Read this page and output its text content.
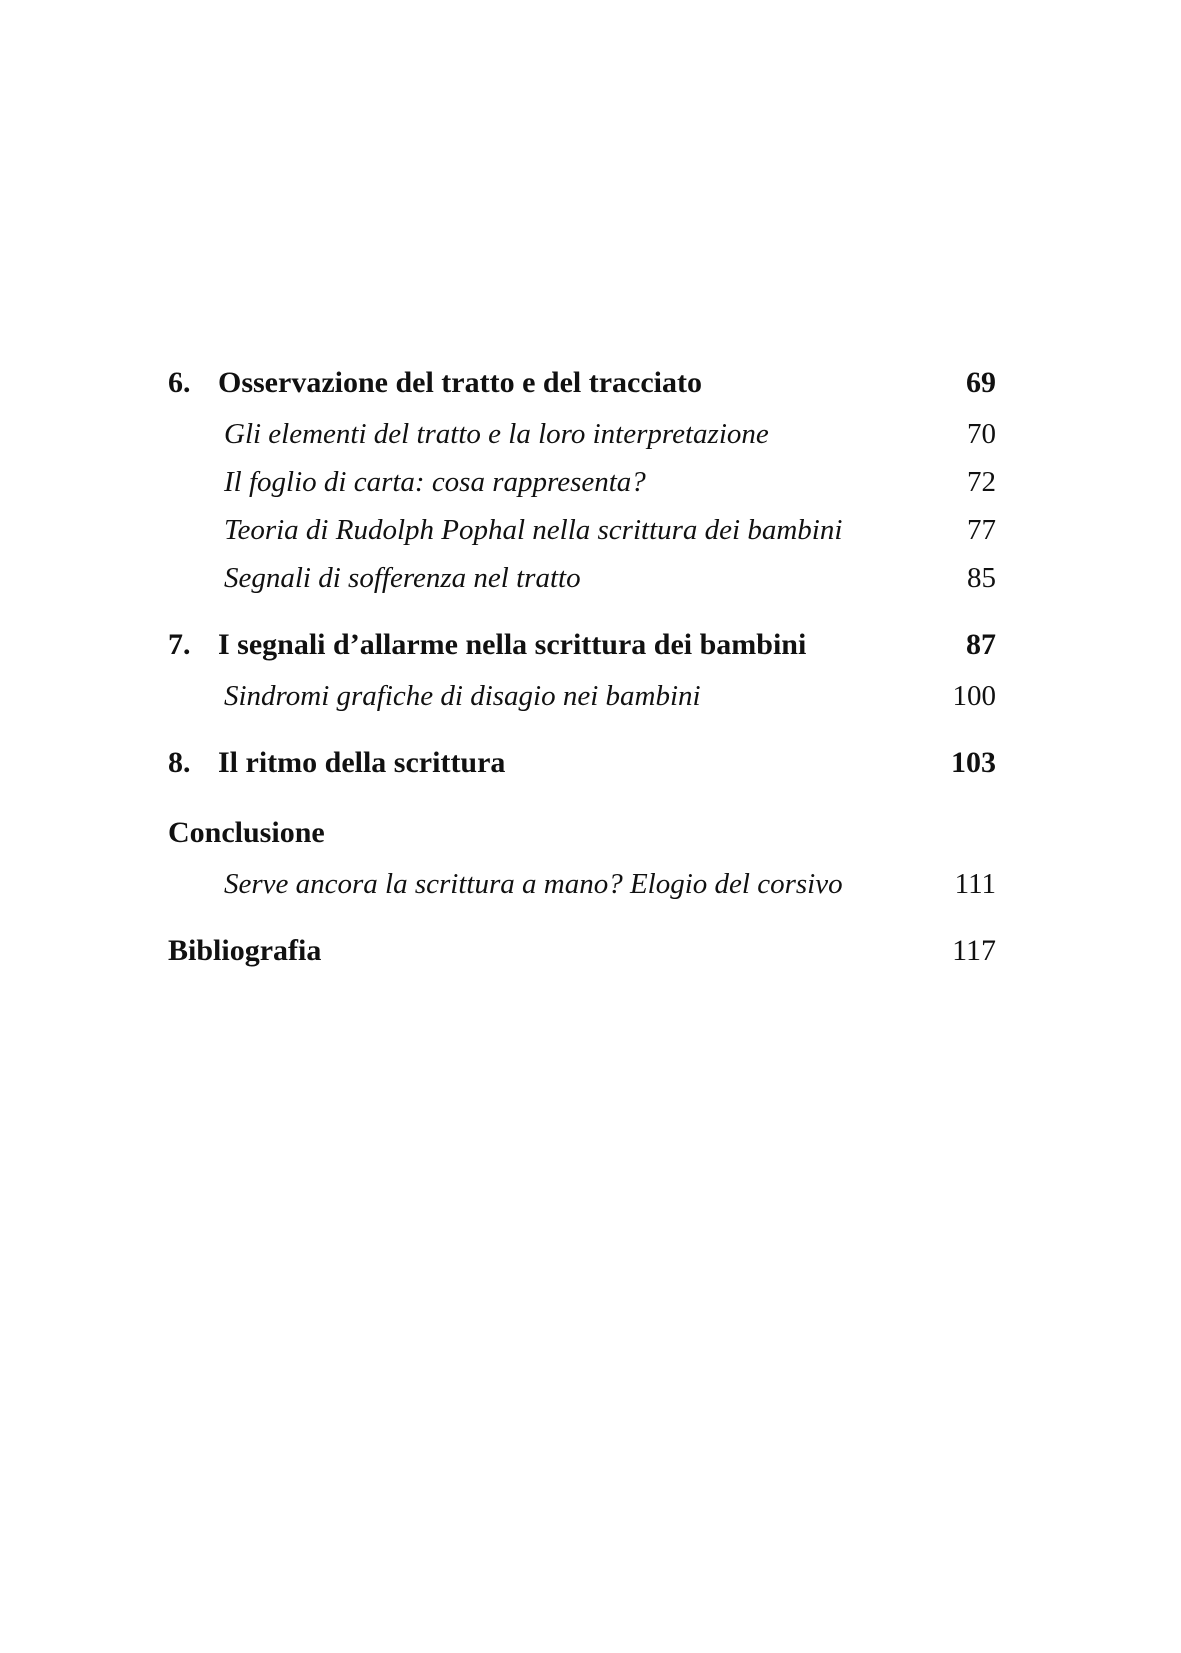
6. Osservazione del tratto e del tracciato	69
Gli elementi del tratto e la loro interpretazione	70
Il foglio di carta: cosa rappresenta?	72
Teoria di Rudolph Pophal nella scrittura dei bambini	77
Segnali di sofferenza nel tratto	85
7. I segnali d’allarme nella scrittura dei bambini	87
Sindromi grafiche di disagio nei bambini	100
8. Il ritmo della scrittura	103
Conclusione
Serve ancora la scrittura a mano? Elogio del corsivo	111
Bibliografia	117
